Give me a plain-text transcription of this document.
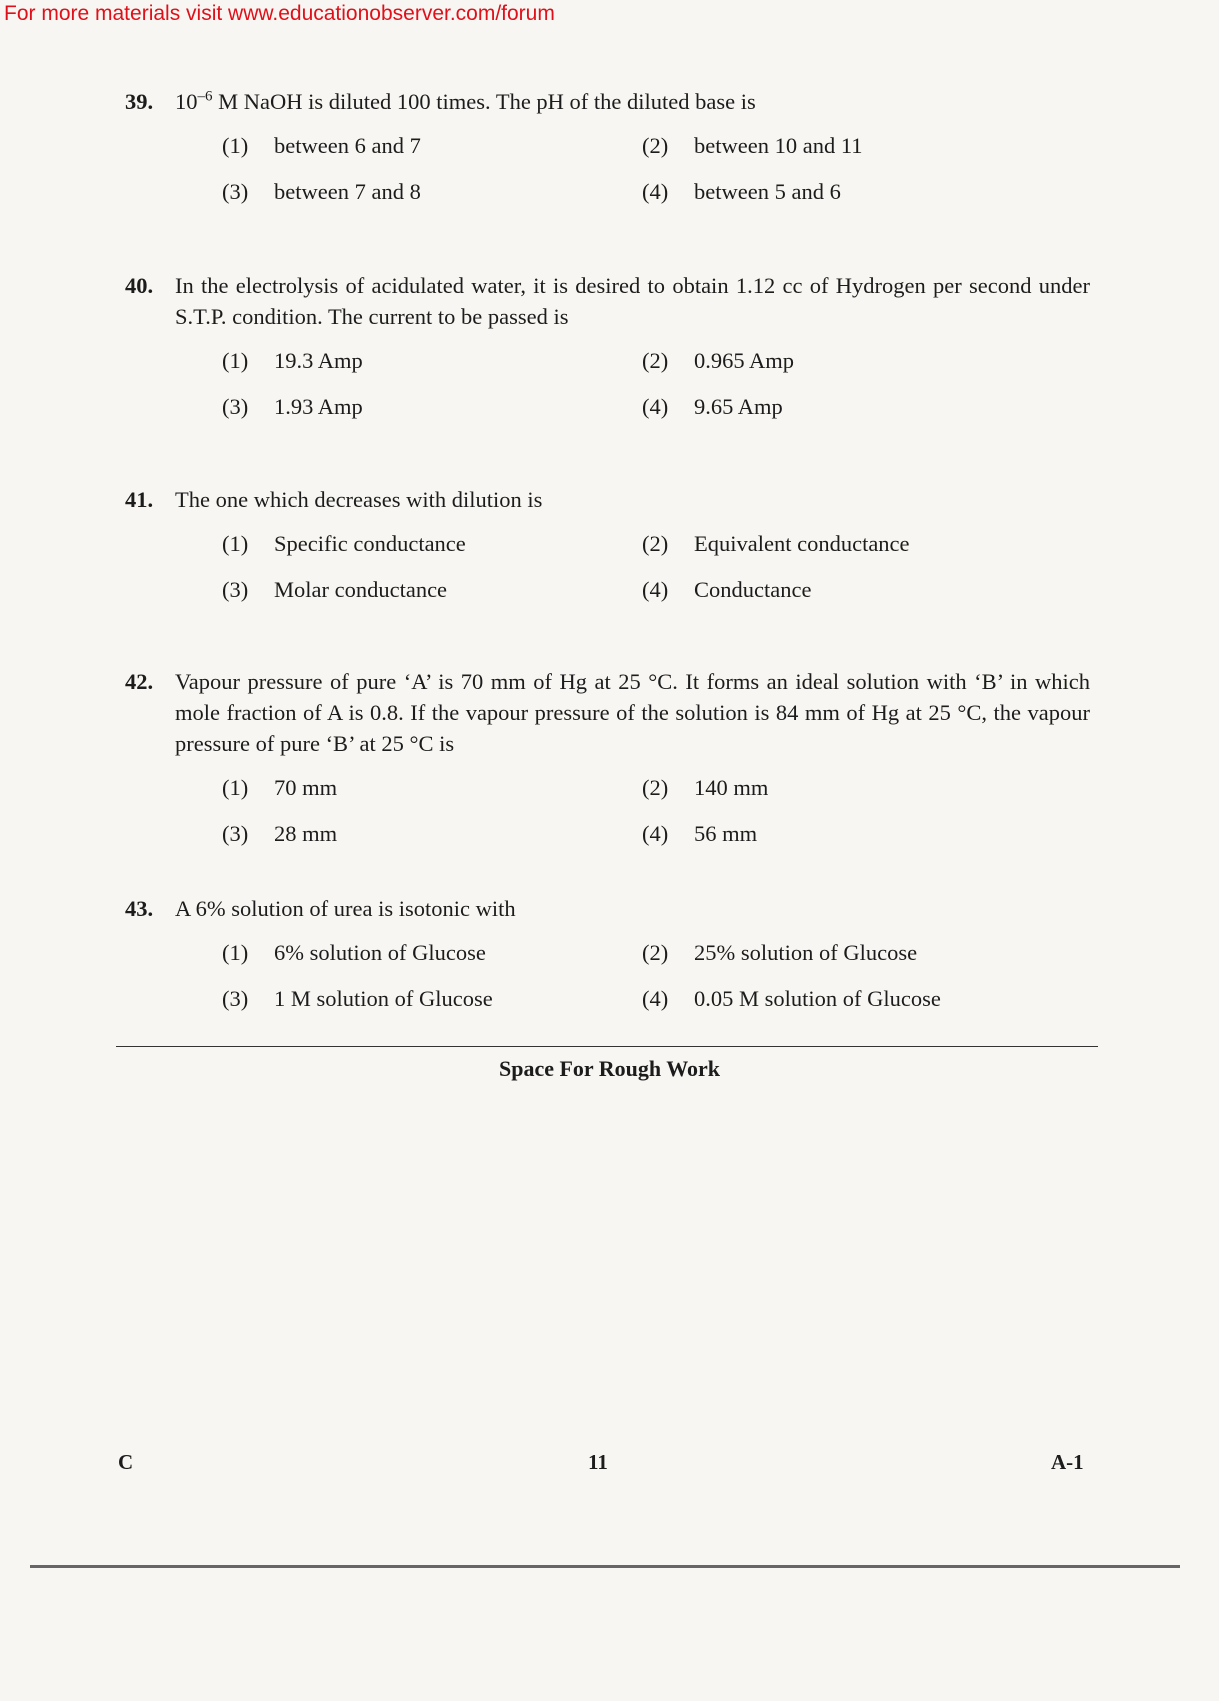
For more materials visit www.educationobserver.com/forum
39. $10^{-6}$ M NaOH is diluted 100 times. The pH of the diluted base is
(1)	between 6 and 7	(2)	between 10 and 11
(3)	between 7 and 8	(4)	between 5 and 6
40. In the electrolysis of acidulated water, it is desired to obtain 1.12 cc of Hydrogen per second under S.T.P. condition. The current to be passed is
(1)	19.3 Amp	(2)	0.965 Amp
(3)	1.93 Amp	(4)	9.65 Amp
41. The one which decreases with dilution is
(1)	Specific conductance	(2)	Equivalent conductance
(3)	Molar conductance	(4)	Conductance
42. Vapour pressure of pure ‘A’ is 70 mm of Hg at 25 °C. It forms an ideal solution with ‘B’ in which mole fraction of A is 0.8. If the vapour pressure of the solution is 84 mm of Hg at 25 °C, the vapour pressure of pure ‘B’ at 25 °C is
(1)	70 mm	(2)	140 mm
(3)	28 mm	(4)	56 mm
43. A 6% solution of urea is isotonic with
(1)	6% solution of Glucose	(2)	25% solution of Glucose
(3)	1 M solution of Glucose	(4)	0.05 M solution of Glucose
Space For Rough Work
C	11	A-1
